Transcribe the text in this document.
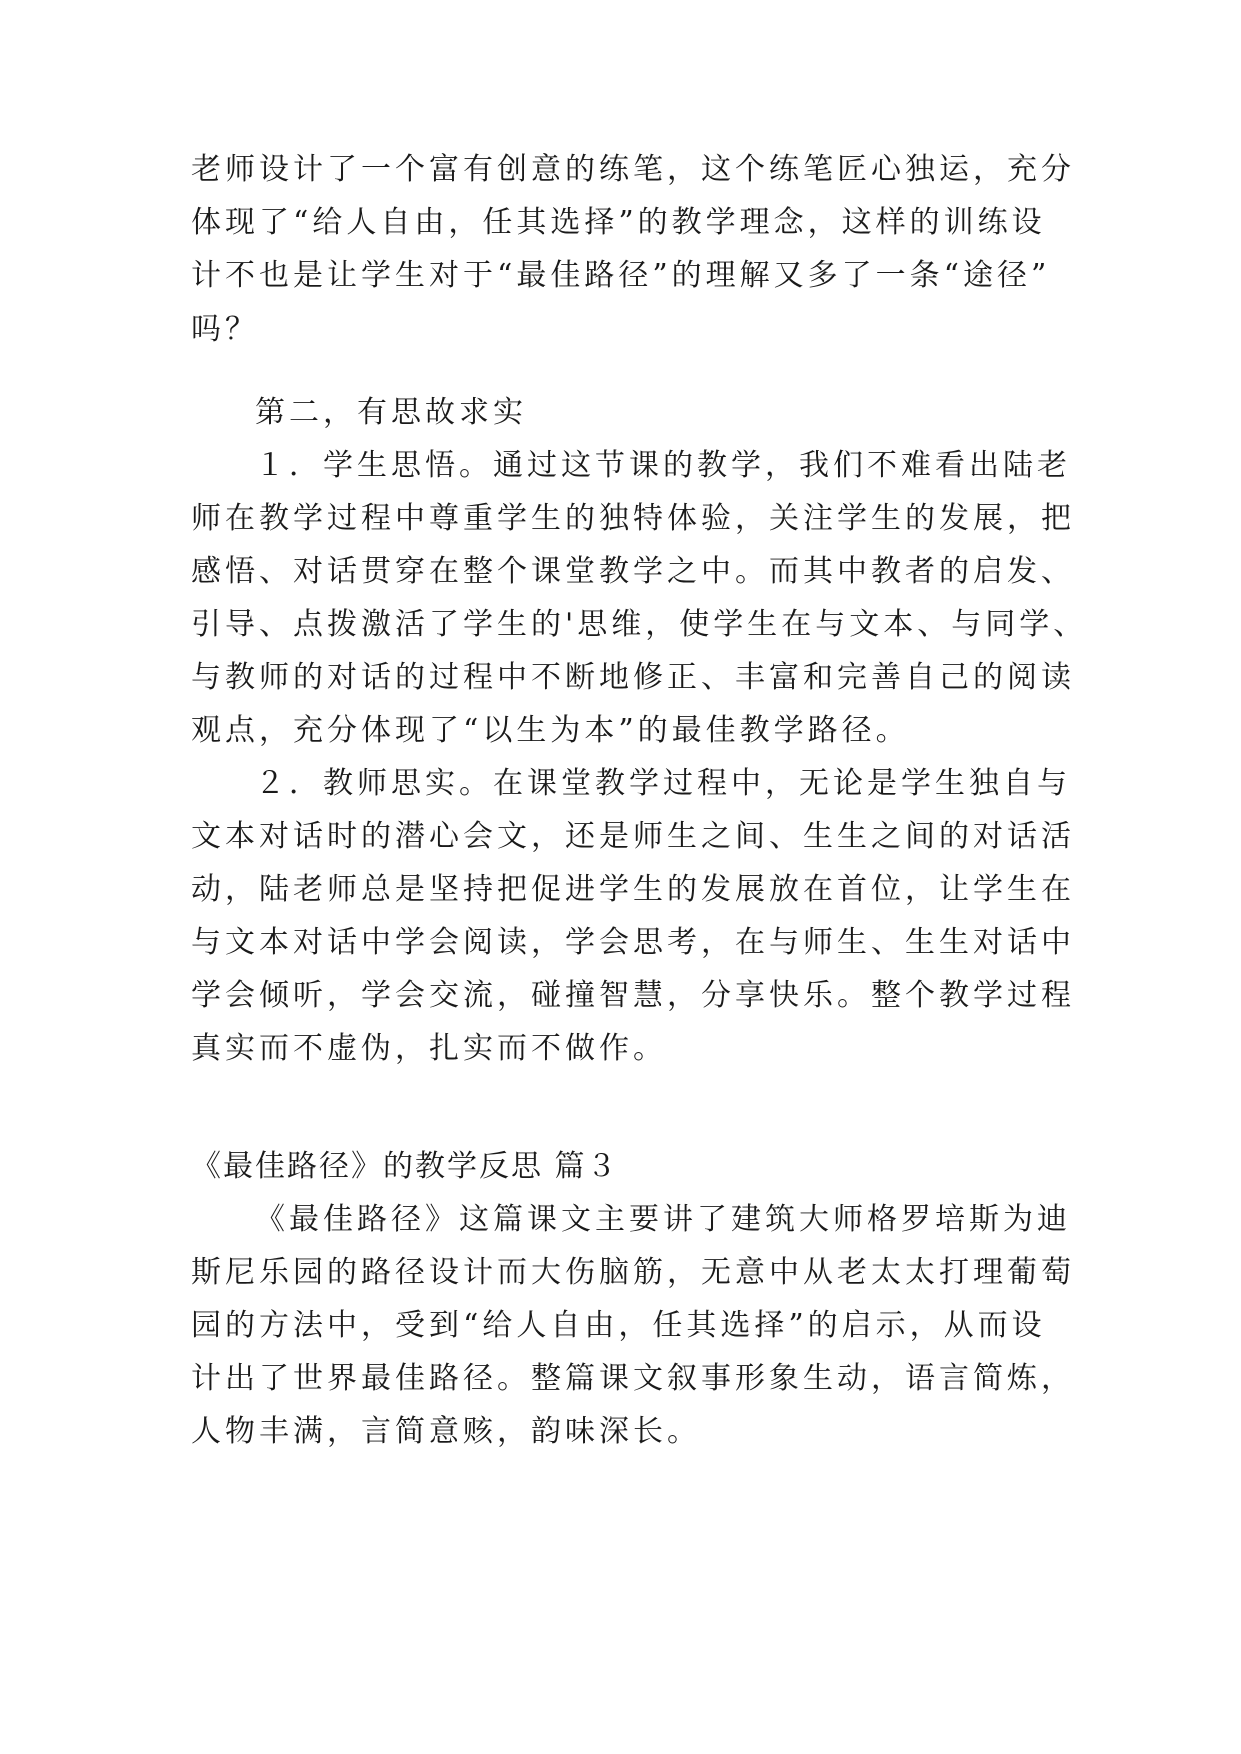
老师设计了一个富有创意的练笔，这个练笔匠心独运，充分
体现了“给人自由，任其选择”的教学理念，这样的训练设
计不也是让学生对于“最佳路径”的理解又多了一条“途径”
吗？
第二，有思故求实
１．学生思悟。通过这节课的教学，我们不难看出陆老
师在教学过程中尊重学生的独特体验，关注学生的发展，把
感悟、对话贯穿在整个课堂教学之中。而其中教者的启发、
引导、点拨激活了学生的'思维，使学生在与文本、与同学、
与教师的对话的过程中不断地修正、丰富和完善自己的阅读
观点，充分体现了“以生为本”的最佳教学路径。
２．教师思实。在课堂教学过程中，无论是学生独自与
文本对话时的潜心会文，还是师生之间、生生之间的对话活
动，陆老师总是坚持把促进学生的发展放在首位，让学生在
与文本对话中学会阅读，学会思考，在与师生、生生对话中
学会倾听，学会交流，碰撞智慧，分享快乐。整个教学过程
真实而不虚伪，扎实而不做作。
《最佳路径》的教学反思 篇３
《最佳路径》这篇课文主要讲了建筑大师格罗培斯为迪
斯尼乐园的路径设计而大伤脑筋，无意中从老太太打理葡萄
园的方法中，受到“给人自由，任其选择”的启示，从而设
计出了世界最佳路径。整篇课文叙事形象生动，语言简炼，
人物丰满，言简意赅，韵味深长。
